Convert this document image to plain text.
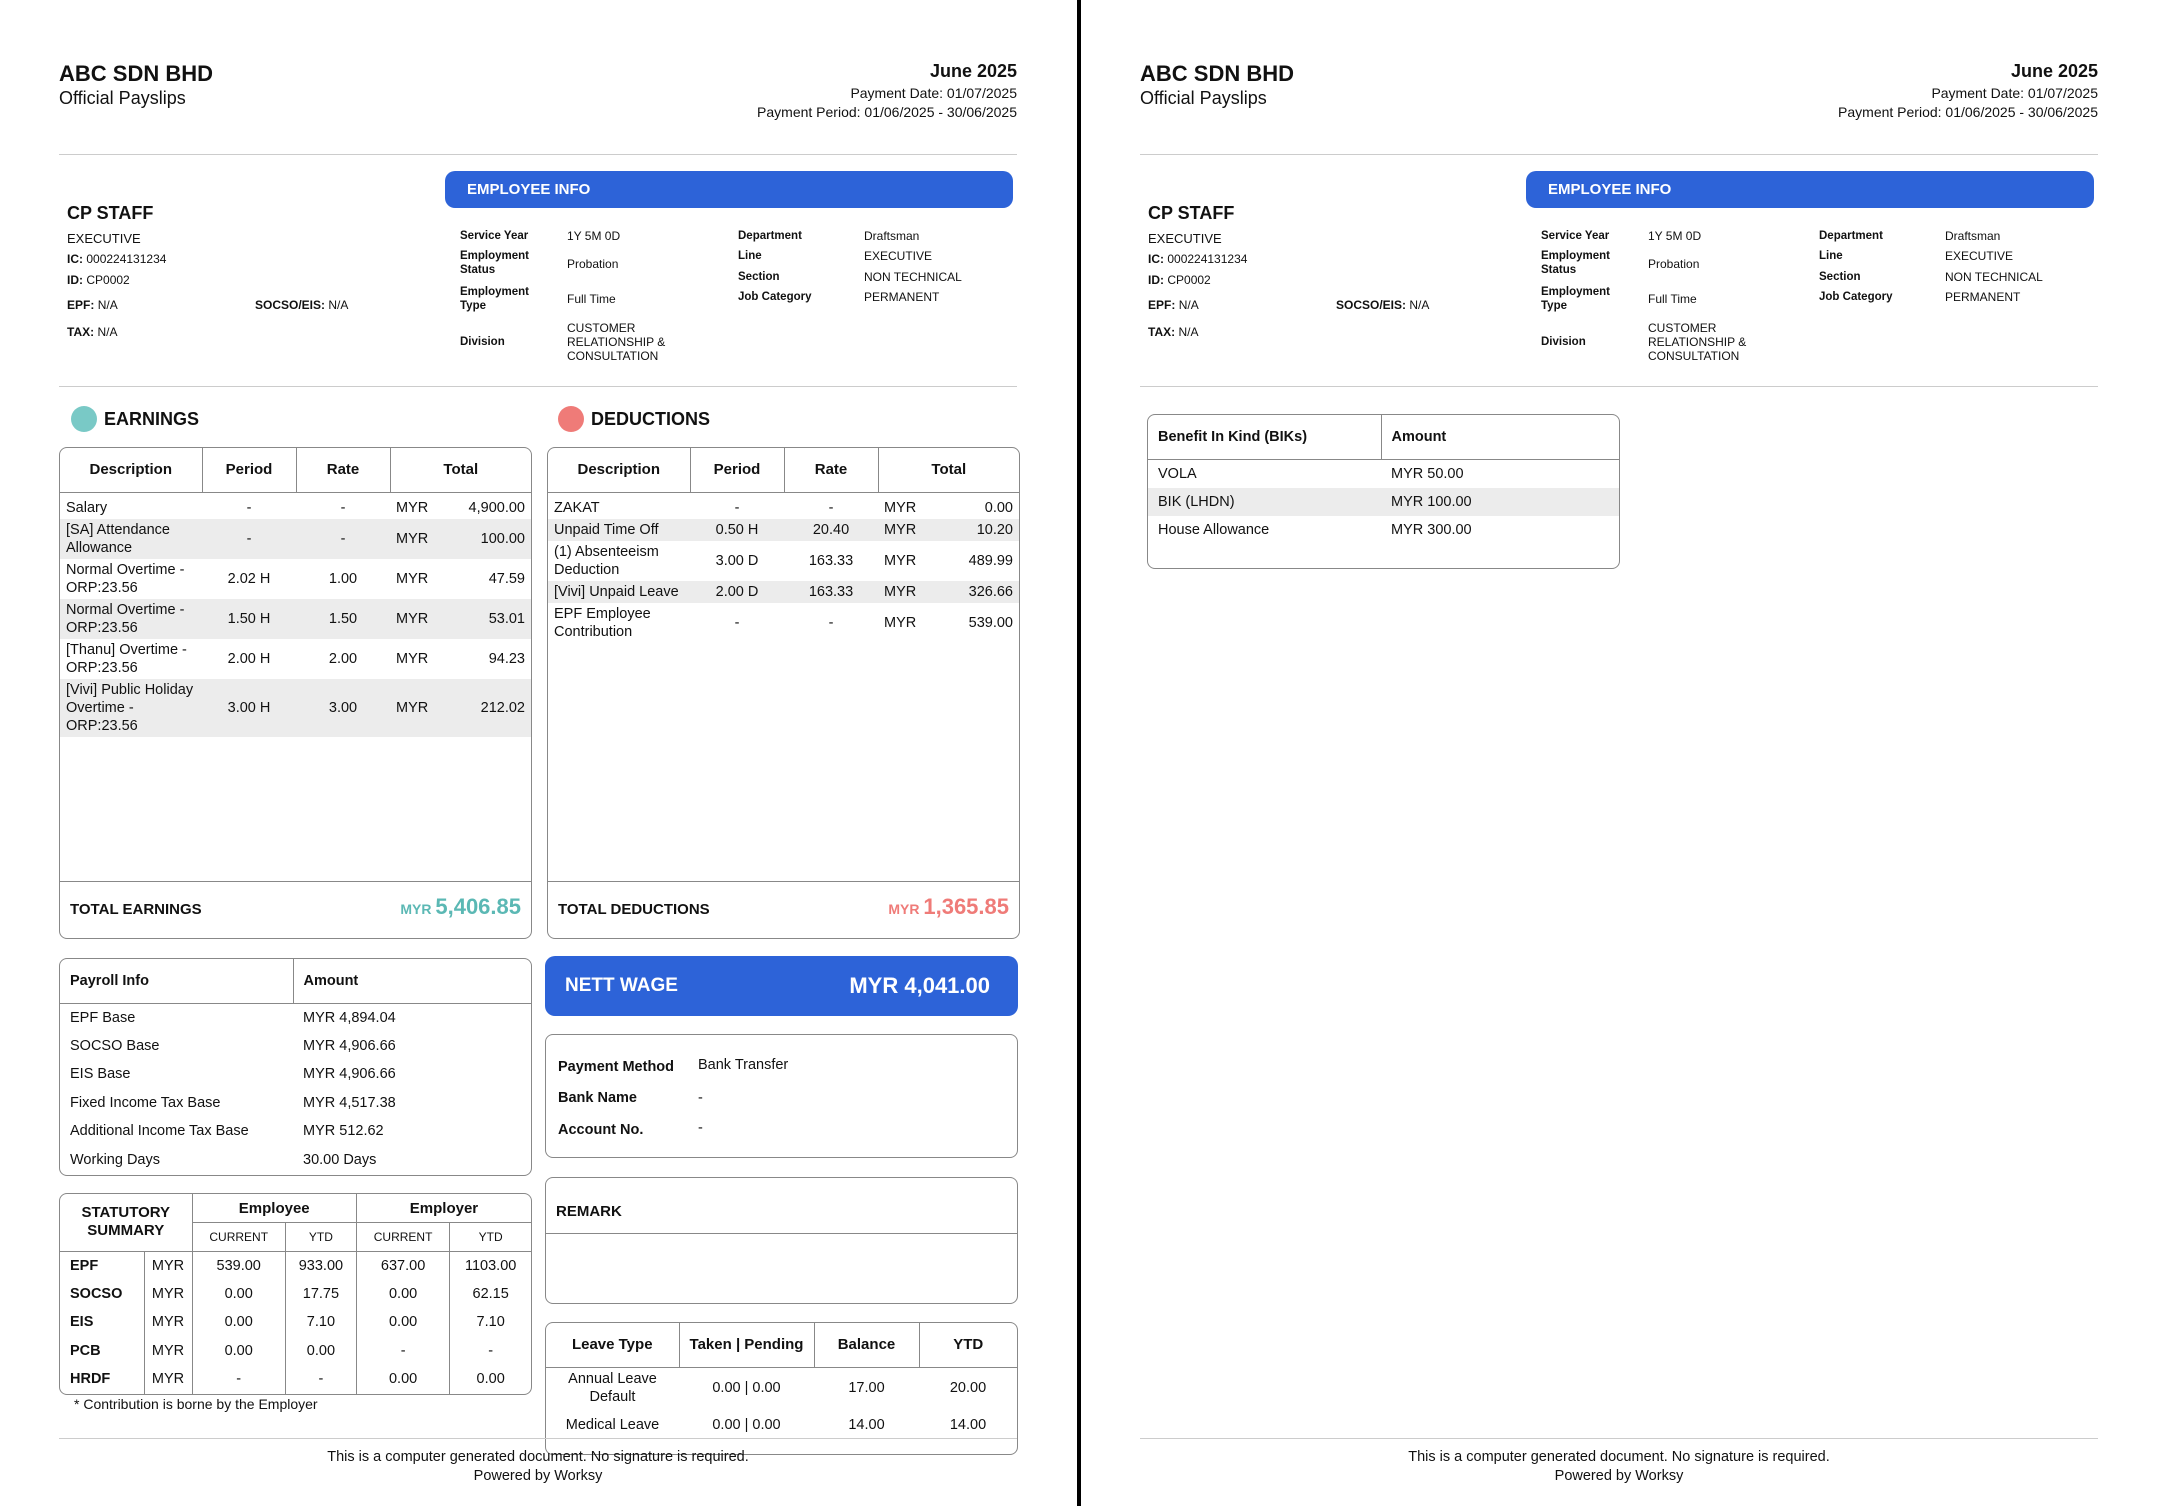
ABC SDN BHD
Official Payslips
June 2025
Payment Date: 01/07/2025
Payment Period: 01/06/2025 - 30/06/2025
CP STAFF
EXECUTIVE
IC: 000224131234
ID: CP0002
EPF: N/A	SOCSO/EIS: N/A
TAX: N/A
EMPLOYEE INFO
Service Year	1Y 5M 0D
Employment Status	Probation
Employment Type	Full Time
Division
CUSTOMER RELATIONSHIP & CONSULTATION
Department	Draftsman
Line	EXECUTIVE
Section	NON TECHNICAL
Job Category	PERMANENT
EARNINGS
Description	Period	Rate	Total
Salary	-	-	MYR	4,900.00
[SA] Attendance Allowance	-	-	MYR	100.00
Normal Overtime - ORP:23.56	2.02 H	1.00	MYR	47.59
Normal Overtime - ORP:23.56	1.50 H	1.50	MYR	53.01
[Thanu] Overtime - ORP:23.56	2.00 H	2.00	MYR	94.23
[Vivi] Public Holiday Overtime - ORP:23.56	3.00 H	3.00	MYR	212.02
TOTAL EARNINGS	MYR 5,406.85
DEDUCTIONS
Description	Period	Rate	Total
ZAKAT	-	-	MYR	0.00
Unpaid Time Off	0.50 H	20.40	MYR	10.20
(1) Absenteeism Deduction	3.00 D	163.33	MYR	489.99
[Vivi] Unpaid Leave	2.00 D	163.33	MYR	326.66
EPF Employee Contribution	-	-	MYR	539.00
TOTAL DEDUCTIONS	MYR 1,365.85
Payroll Info	Amount
EPF Base	MYR 4,894.04
SOCSO Base	MYR 4,906.66
EIS Base	MYR 4,906.66
Fixed Income Tax Base	MYR 4,517.38
Additional Income Tax Base	MYR 512.62
Working Days	30.00 Days
STATUTORY SUMMARY		Employee		Employer	
		CURRENT	YTD	CURRENT	YTD
EPF	MYR	539.00	933.00	637.00	1103.00
SOCSO	MYR	0.00	17.75	0.00	62.15
EIS	MYR	0.00	7.10	0.00	7.10
PCB	MYR	0.00	0.00	-	-
HRDF	MYR	-	-	0.00	0.00
* Contribution is borne by the Employer
NETT WAGE	MYR 4,041.00
Payment Method Bank Transfer
Bank Name	-
Account No.	-
REMARK
Leave Type	Taken | Pending	Balance	YTD
Annual Leave Default	0.00 | 0.00	17.00	20.00
Medical Leave	0.00 | 0.00	14.00	14.00
This is a computer generated document. No signature is required.
Powered by Worksy
ABC SDN BHD
Official Payslips
June 2025
Payment Date: 01/07/2025
Payment Period: 01/06/2025 - 30/06/2025
CP STAFF
EXECUTIVE
IC: 000224131234
ID: CP0002
EPF: N/A	SOCSO/EIS: N/A
TAX: N/A
EMPLOYEE INFO
Service Year	1Y 5M 0D
Employment Status	Probation
Employment Type	Full Time
Division
CUSTOMER RELATIONSHIP & CONSULTATION
Department	Draftsman
Line	EXECUTIVE
Section	NON TECHNICAL
Job Category	PERMANENT
Benefit In Kind (BIKs)	Amount
VOLA	MYR 50.00
BIK (LHDN)	MYR 100.00
House Allowance	MYR 300.00
This is a computer generated document. No signature is required.
Powered by Worksy
